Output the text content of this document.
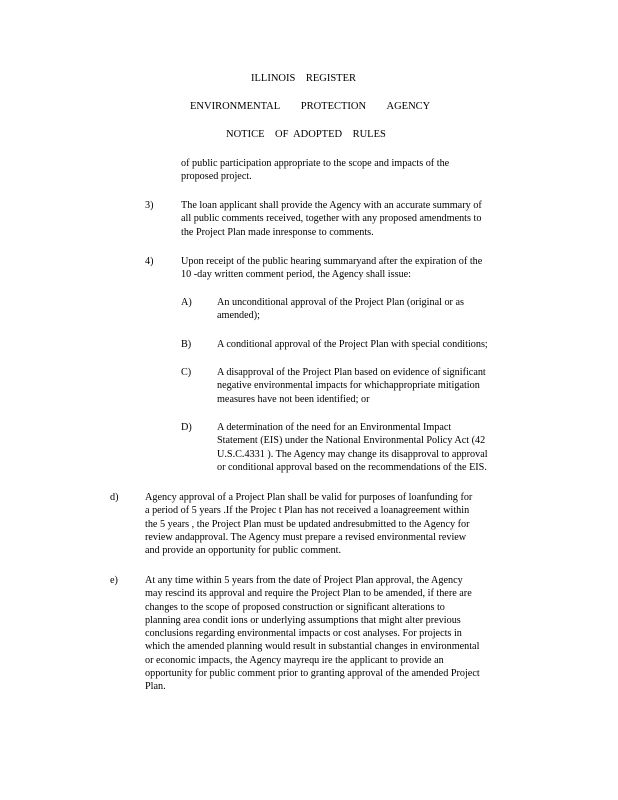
ILLINOIS    REGISTER
ENVIRONMENTAL        PROTECTION        AGENCY
NOTICE    OF  ADOPTED    RULES
of public participation appropriate to the scope and impacts of the
proposed project.
3)	The loan applicant shall provide the Agency with an accurate summary of
all public comments received, together with any proposed amendments to
the Project Plan made inresponse to comments.
4)	Upon receipt of the public hearing summaryand after the expiration of the
10 -day written comment period, the Agency shall issue:
A) An unconditional approval of the Project Plan (original or as
amended);
B)	A conditional approval of the Project Plan with special conditions;
C)	A disapproval of the Project Plan based on evidence of significant
negative environmental impacts for whichappropriate mitigation
measures have not been identified; or
D) A determination of the need for an Environmental Impact
Statement (EIS) under the National Environmental Policy Act (42
U.S.C.4331 ). The Agency may change its disapproval to approval
or conditional approval based on the recommendations of the EIS.
d)	Agency approval of a Project Plan shall be valid for purposes of loanfunding for
a period of 5 years .If the Projec t Plan has not received a loanagreement within
the 5 years , the Project Plan must be updated andresubmitted to the Agency for
review andapproval. The Agency must prepare a revised environmental review
and provide an opportunity for public comment.
e)	At any time within 5 years from the date of Project Plan approval, the Agency
may rescind its approval and require the Project Plan to be amended, if there are
changes to the scope of proposed construction or significant alterations to
planning area condit ions or underlying assumptions that might alter previous
conclusions regarding environmental impacts or cost analyses. For projects in
which the amended planning would result in substantial changes in environmental
or economic impacts, the Agency mayrequ ire the applicant to provide an
opportunity for public comment prior to granting approval of the amended Project
Plan.
